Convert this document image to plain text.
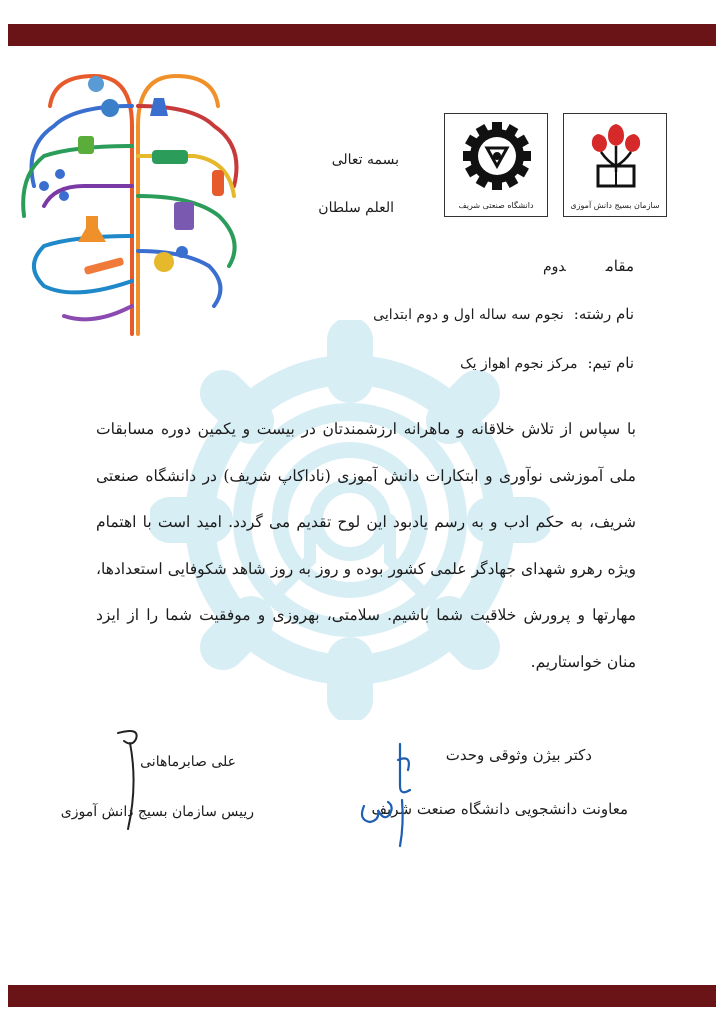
دانشگاه صنعتی شریف	سازمان بسیج دانش آموزی
بسمه تعالی
العلم سلطان
مقامدوم
نام رشته:نجوم سه ساله اول و دوم ابتدایی
نام تیم:مرکز نجوم اهواز یک
با سپاس از تلاش خلاقانه و ماهرانه ارزشمندتان در بیست و یکمین دوره مسابقات ملی آموزشی نوآوری و ابتکارات دانش آموزی (ناداکاپ شریف) در دانشگاه صنعتی شریف، به حکم ادب و به رسم یادبود این لوح تقدیم می گردد. امید است با اهتمام ویژه رهرو شهدای جهادگر علمی کشور بوده و روز به روز شاهد شکوفایی استعدادها، مهارتها و پرورش خلاقیت شما باشیم. سلامتی، بهروزی و موفقیت شما را از ایزد منان خواستاریم.
علی صابرماهانی
رییس سازمان بسیج دانش آموزی
دکتر بیژن وثوقی وحدت
معاونت دانشجویی دانشگاه صنعت شریف
